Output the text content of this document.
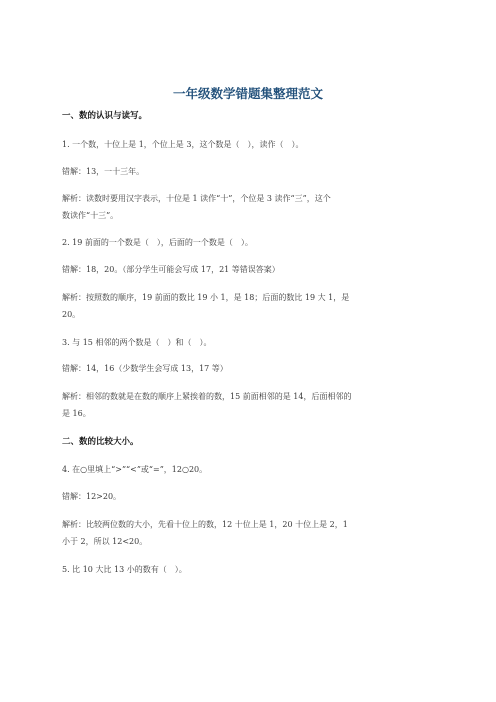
一年级数学错题集整理范文
一、数的认识与读写。
1. 一个数，十位上是 1，个位上是 3，这个数是（　），读作（　）。
错解：13，一十三年。
解析：读数时要用汉字表示，十位是 1 读作“十”，个位是 3 读作“三”，这个
数读作“十三”。
2. 19 前面的一个数是（　），后面的一个数是（　）。
错解：18，20。（部分学生可能会写成 17，21 等错误答案）
解析：按照数的顺序，19 前面的数比 19 小 1，是 18；后面的数比 19 大 1，是
20。
3. 与 15 相邻的两个数是（　）和（　）。
错解：14，16（少数学生会写成 13，17 等）
解析：相邻的数就是在数的顺序上紧挨着的数，15 前面相邻的是 14，后面相邻的
是 16。
二、数的比较大小。
4. 在○里填上“>”“<”或“=”，12○20。
错解：12>20。
解析：比较两位数的大小，先看十位上的数，12 十位上是 1，20 十位上是 2，1
小于 2，所以 12<20。
5. 比 10 大比 13 小的数有（　）。
